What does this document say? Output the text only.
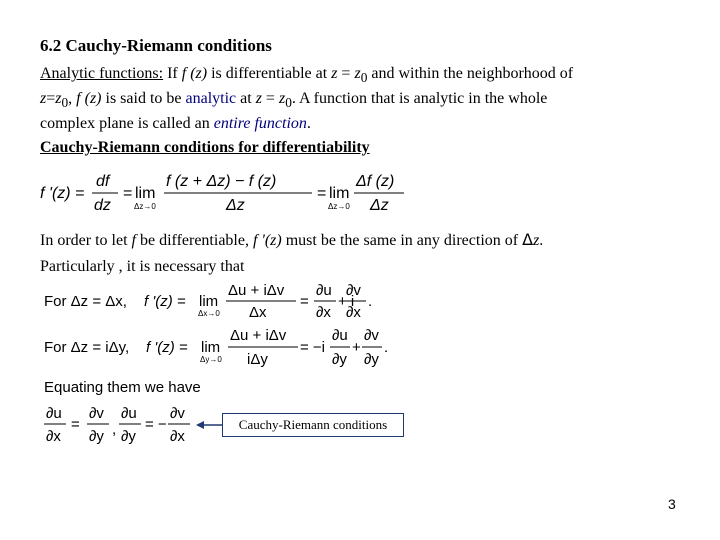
6.2 Cauchy-Riemann conditions

Analytic functions: If f (z) is differentiable at $z = z_0$ and within the neighborhood of

$z=z_0$, f (z) is said to be analytic at $z = z_0$. A function that is analytic in the whole

complex plane is called an entire function.

Cauchy-Riemann conditions for differentiability
f '(z) =
df
dz
= lim
Δz→0
f (z + Δz) − f (z)
Δz
= lim
Δz→0
Δf (z)
Δz
In order to let f be differentiable, f '(z) must be the same in any direction of Δz.
Particularly , it is necessary that
For Δz = Δx, f '(z) = lim
Δx→0
Δu + iΔv
Δx
=
∂u
∂x
+ i
∂v
∂x
.
For Δz = iΔy, f '(z) = lim
Δy→0
Δu + iΔv
iΔy
= −i
∂u
∂y
+
∂v
∂y
.
Equating them we have
∂u
∂x
=
∂v
∂y ,
∂u
∂y
= −
∂v
∂x
Cauchy-Riemann conditions
3
